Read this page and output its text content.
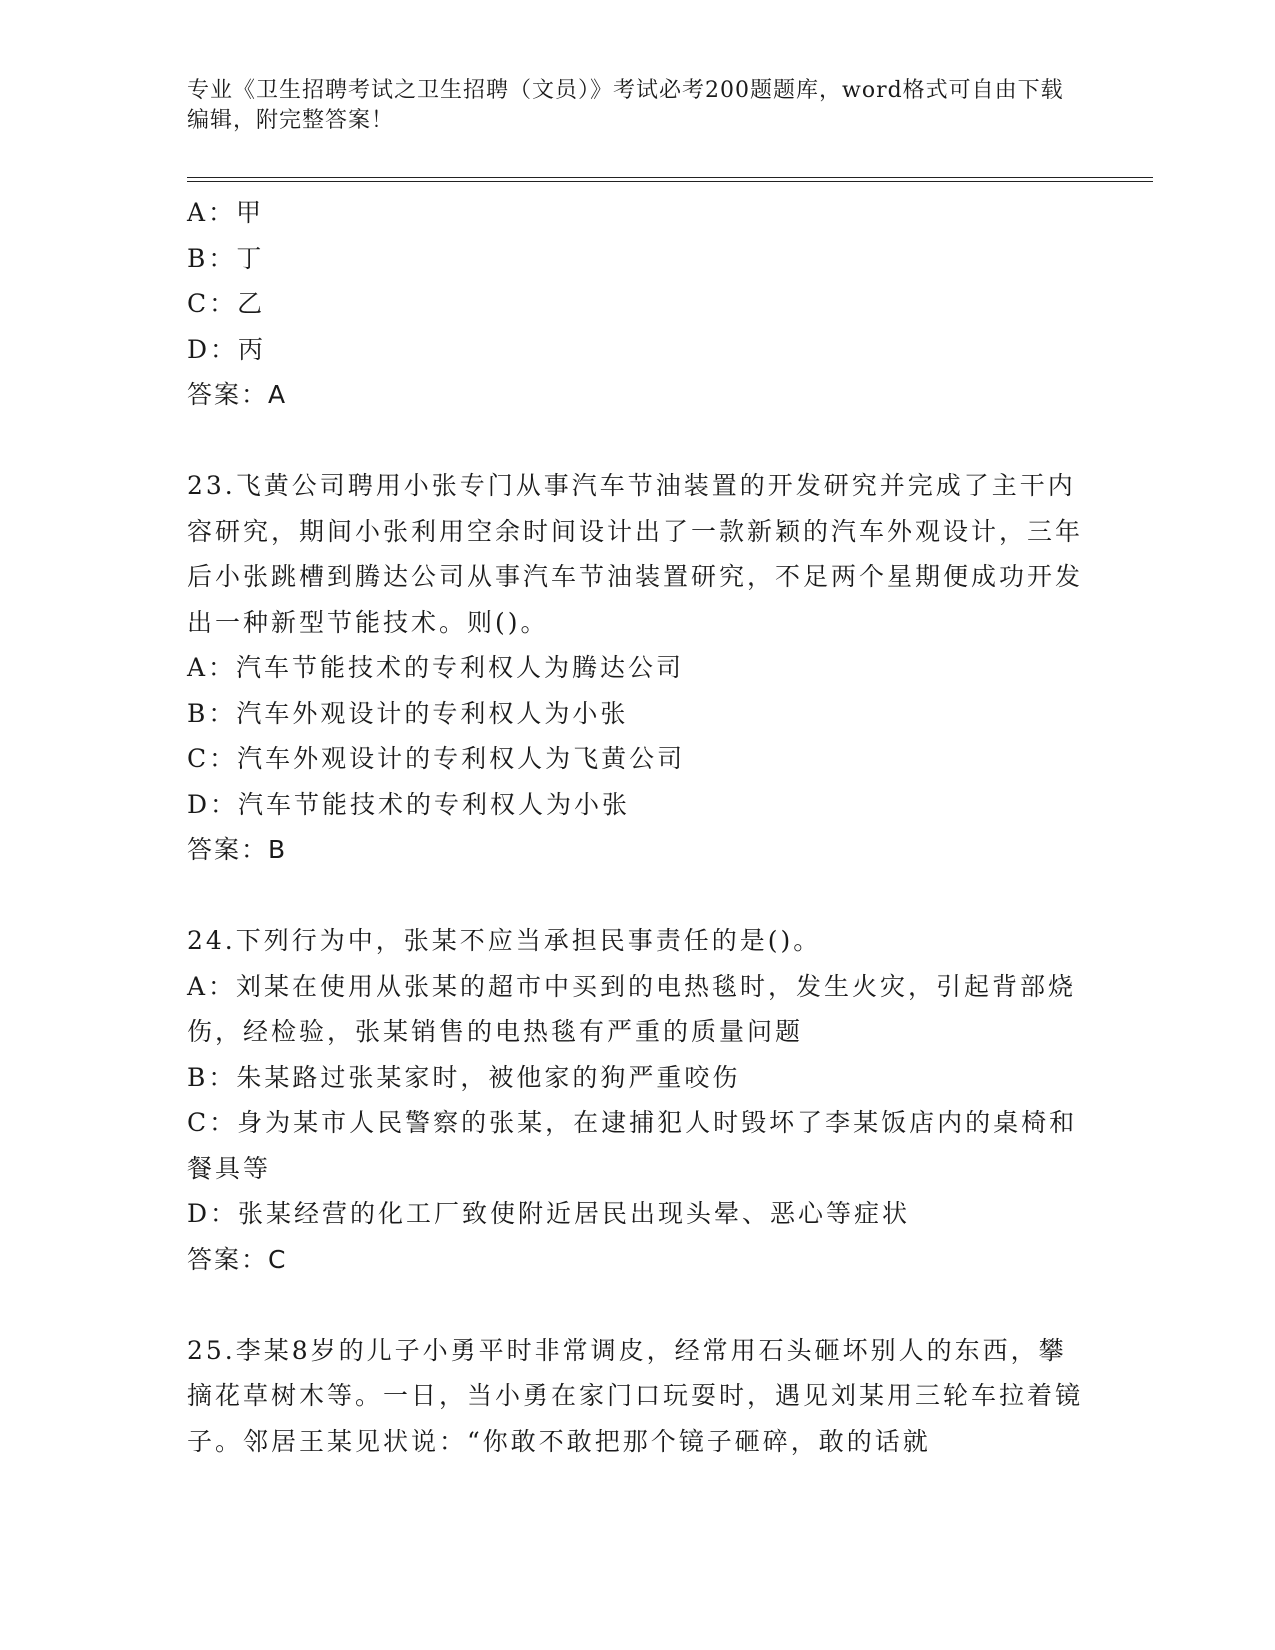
专业《卫生招聘考试之卫生招聘（文员）》考试必考200题题库，word格式可自由下载编辑，附完整答案！

A：甲

B：丁

C：乙

D：丙

答案：A

23.飞黄公司聘用小张专门从事汽车节油装置的开发研究并完成了主干内容研究，期间小张利用空余时间设计出了一款新颖的汽车外观设计，三年后小张跳槽到腾达公司从事汽车节油装置研究，不足两个星期便成功开发出一种新型节能技术。则()。

A：汽车节能技术的专利权人为腾达公司

B：汽车外观设计的专利权人为小张

C：汽车外观设计的专利权人为飞黄公司

D：汽车节能技术的专利权人为小张

答案：B

24.下列行为中，张某不应当承担民事责任的是()。

A：刘某在使用从张某的超市中买到的电热毯时，发生火灾，引起背部烧伤，经检验，张某销售的电热毯有严重的质量问题

B：朱某路过张某家时，被他家的狗严重咬伤

C：身为某市人民警察的张某，在逮捕犯人时毁坏了李某饭店内的桌椅和餐具等

D：张某经营的化工厂致使附近居民出现头晕、恶心等症状

答案：C

25.李某8岁的儿子小勇平时非常调皮，经常用石头砸坏别人的东西，攀摘花草树木等。一日，当小勇在家门口玩耍时，遇见刘某用三轮车拉着镜子。邻居王某见状说：“你敢不敢把那个镜子砸碎，敢的话就
